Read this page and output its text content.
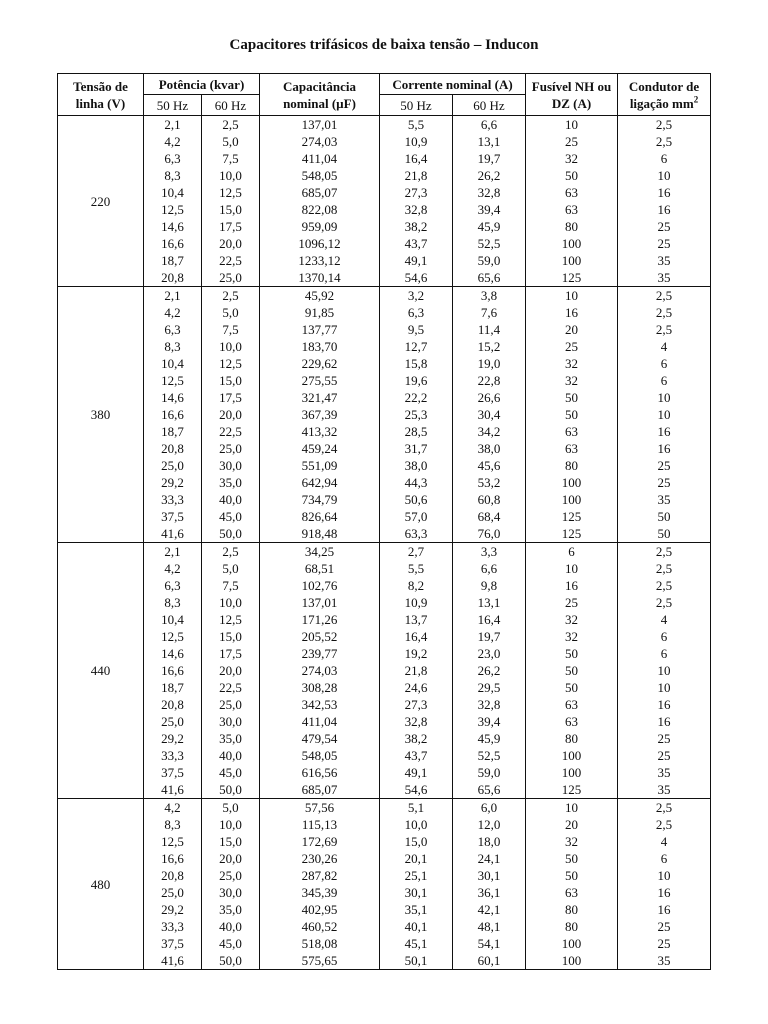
Capacitores trifásicos de baixa tensão – Inducon
Tensão de linha (V)	Potência (kvar)		Capacitância nominal (µF)	Corrente nominal (A)		Fusível NH ou DZ (A)	Condutor de ligação $mm^2$
	50 Hz	60 Hz		50 Hz	60 Hz		
220	2,1	2,5	137,01	5,5	6,6	10	2,5
	4,2	5,0	274,03	10,9	13,1	25	2,5
	6,3	7,5	411,04	16,4	19,7	32	6
	8,3	10,0	548,05	21,8	26,2	50	10
	10,4	12,5	685,07	27,3	32,8	63	16
	12,5	15,0	822,08	32,8	39,4	63	16
	14,6	17,5	959,09	38,2	45,9	80	25
	16,6	20,0	1096,12	43,7	52,5	100	25
	18,7	22,5	1233,12	49,1	59,0	100	35
	20,8	25,0	1370,14	54,6	65,6	125	35
380	2,1	2,5	45,92	3,2	3,8	10	2,5
	4,2	5,0	91,85	6,3	7,6	16	2,5
	6,3	7,5	137,77	9,5	11,4	20	2,5
	8,3	10,0	183,70	12,7	15,2	25	4
	10,4	12,5	229,62	15,8	19,0	32	6
	12,5	15,0	275,55	19,6	22,8	32	6
	14,6	17,5	321,47	22,2	26,6	50	10
	16,6	20,0	367,39	25,3	30,4	50	10
	18,7	22,5	413,32	28,5	34,2	63	16
	20,8	25,0	459,24	31,7	38,0	63	16
	25,0	30,0	551,09	38,0	45,6	80	25
	29,2	35,0	642,94	44,3	53,2	100	25
	33,3	40,0	734,79	50,6	60,8	100	35
	37,5	45,0	826,64	57,0	68,4	125	50
	41,6	50,0	918,48	63,3	76,0	125	50
440	2,1	2,5	34,25	2,7	3,3	6	2,5
	4,2	5,0	68,51	5,5	6,6	10	2,5
	6,3	7,5	102,76	8,2	9,8	16	2,5
	8,3	10,0	137,01	10,9	13,1	25	2,5
	10,4	12,5	171,26	13,7	16,4	32	4
	12,5	15,0	205,52	16,4	19,7	32	6
	14,6	17,5	239,77	19,2	23,0	50	6
	16,6	20,0	274,03	21,8	26,2	50	10
	18,7	22,5	308,28	24,6	29,5	50	10
	20,8	25,0	342,53	27,3	32,8	63	16
	25,0	30,0	411,04	32,8	39,4	63	16
	29,2	35,0	479,54	38,2	45,9	80	25
	33,3	40,0	548,05	43,7	52,5	100	25
	37,5	45,0	616,56	49,1	59,0	100	35
	41,6	50,0	685,07	54,6	65,6	125	35
480	4,2	5,0	57,56	5,1	6,0	10	2,5
	8,3	10,0	115,13	10,0	12,0	20	2,5
	12,5	15,0	172,69	15,0	18,0	32	4
	16,6	20,0	230,26	20,1	24,1	50	6
	20,8	25,0	287,82	25,1	30,1	50	10
	25,0	30,0	345,39	30,1	36,1	63	16
	29,2	35,0	402,95	35,1	42,1	80	16
	33,3	40,0	460,52	40,1	48,1	80	25
	37,5	45,0	518,08	45,1	54,1	100	25
	41,6	50,0	575,65	50,1	60,1	100	35
